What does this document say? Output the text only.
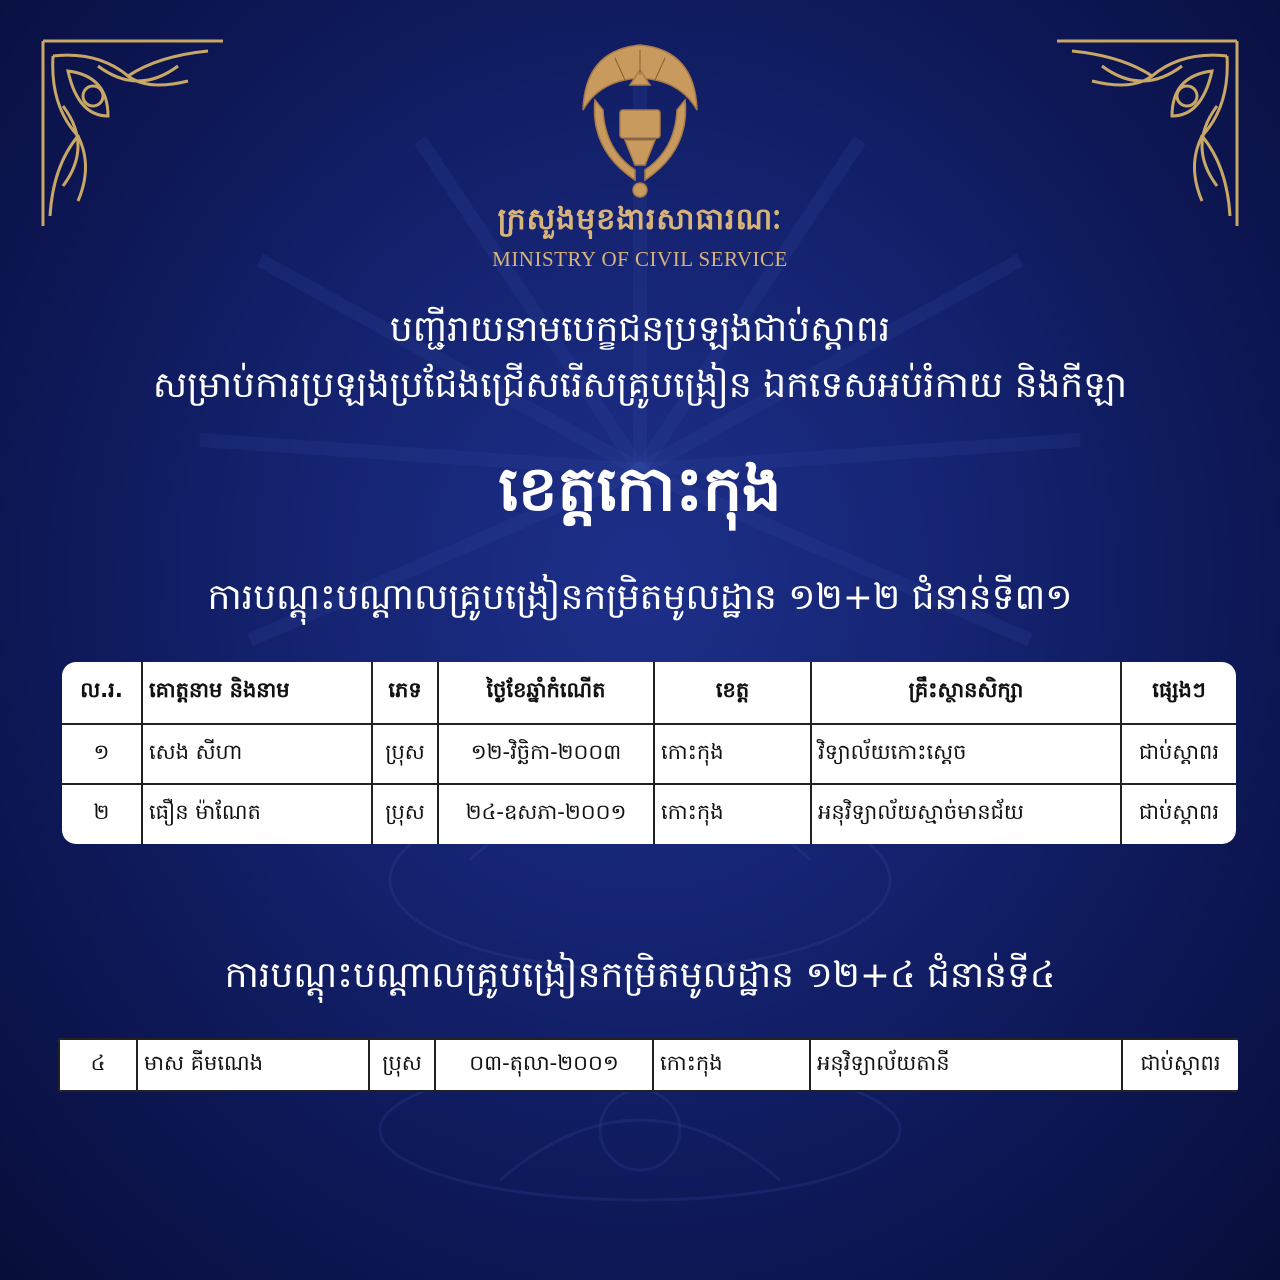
ក្រសួងមុខងារសាធារណៈ
MINISTRY OF CIVIL SERVICE
បញ្ជីរាយនាមបេក្ខជនប្រឡងជាប់ស្ដាពរ
សម្រាប់ការប្រឡងប្រជែងជ្រើសរើសគ្រូបង្រៀន ឯកទេសអប់រំកាយ និងកីឡា
ខេត្តកោះកុង
ការបណ្ដុះបណ្ដាលគ្រូបង្រៀនកម្រិតមូលដ្ឋាន ១២+២ ជំនាន់ទី៣១
ល.រ.	គោត្តនាម និងនាម	ភេទ	ថ្ងៃខែឆ្នាំកំណើត	ខេត្ត	គ្រឹះស្ថានសិក្សា	ផ្សេងៗ
១	សេង សីហា	ប្រុស	១២-វិច្ឆិកា-២០០៣	កោះកុង	វិទ្យាល័យកោះស្ដេច	ជាប់ស្ដាពរ
២	ធឿន ម៉ាណែត	ប្រុស	២៤-ឧសភា-២០០១	កោះកុង	អនុវិទ្យាល័យស្មាច់មានជ័យ	ជាប់ស្ដាពរ
ការបណ្ដុះបណ្ដាលគ្រូបង្រៀនកម្រិតមូលដ្ឋាន ១២+៤ ជំនាន់ទី៤
៤	មាស គីមណេង	ប្រុស	០៣-តុលា-២០០១	កោះកុង	អនុវិទ្យាល័យតានី	ជាប់ស្ដាពរ
